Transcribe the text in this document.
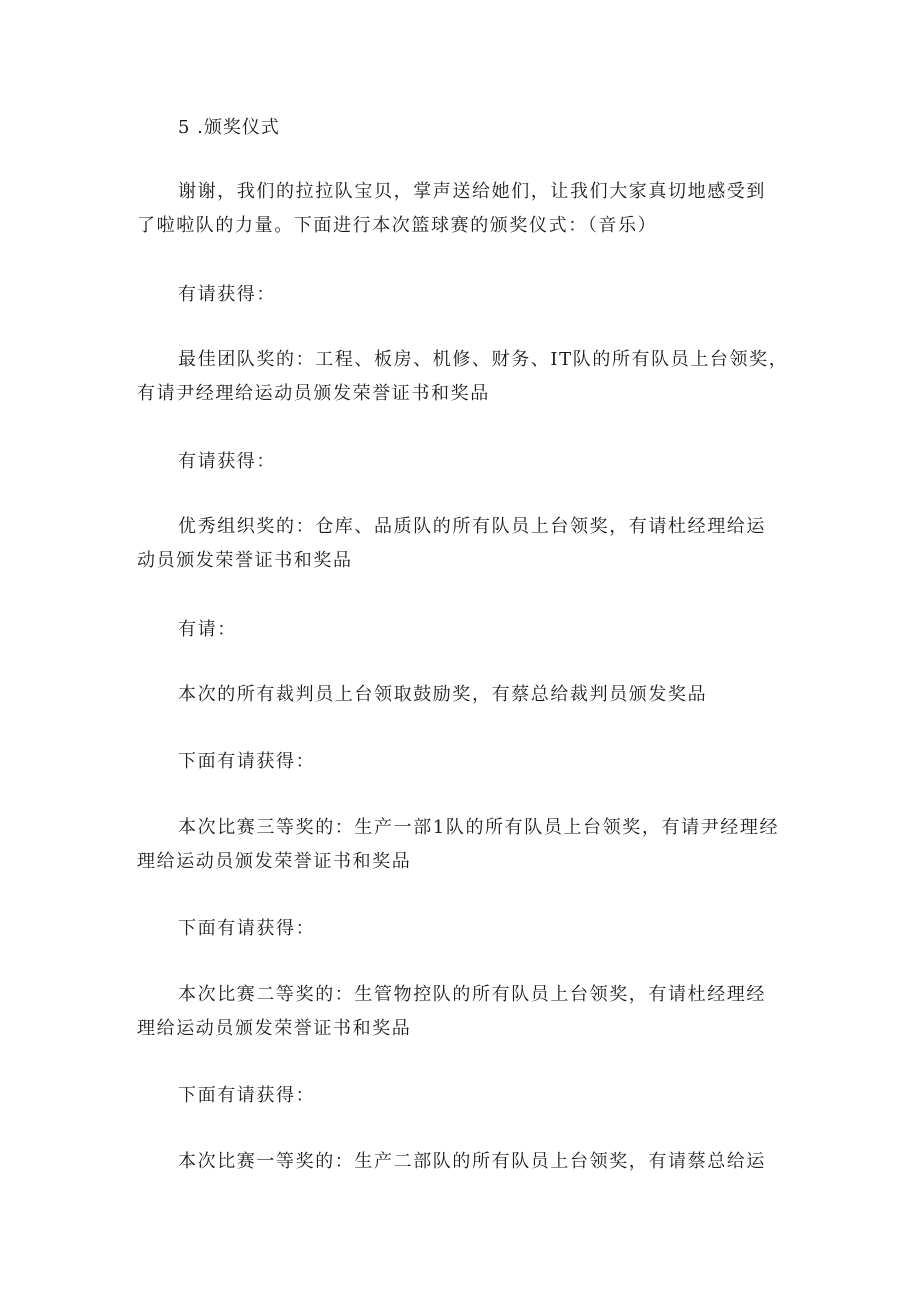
5 .颁奖仪式
谢谢，我们的拉拉队宝贝，掌声送给她们，让我们大家真切地感受到
了啦啦队的力量。下面进行本次篮球赛的颁奖仪式：（音乐）
有请获得：
最佳团队奖的：工程、板房、机修、财务、IT队的所有队员上台领奖，
有请尹经理给运动员颁发荣誉证书和奖品
有请获得：
优秀组织奖的：仓库、品质队的所有队员上台领奖，有请杜经理给运
动员颁发荣誉证书和奖品
有请：
本次的所有裁判员上台领取鼓励奖，有蔡总给裁判员颁发奖品
下面有请获得：
本次比赛三等奖的：生产一部1队的所有队员上台领奖，有请尹经理经
理给运动员颁发荣誉证书和奖品
下面有请获得：
本次比赛二等奖的：生管物控队的所有队员上台领奖，有请杜经理经
理给运动员颁发荣誉证书和奖品
下面有请获得：
本次比赛一等奖的：生产二部队的所有队员上台领奖，有请蔡总给运
